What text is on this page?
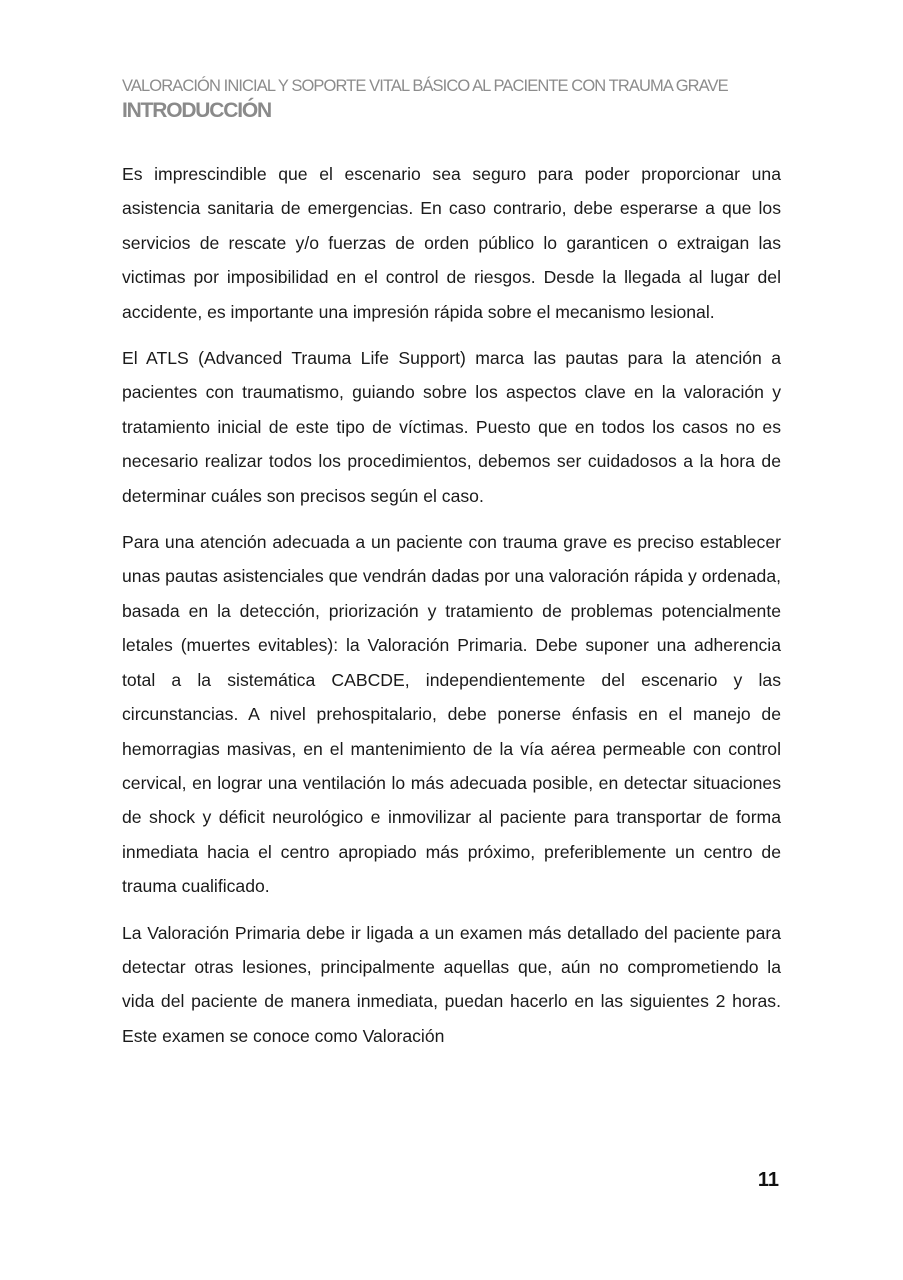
VALORACIÓN INICIAL Y SOPORTE VITAL BÁSICO AL PACIENTE CON TRAUMA GRAVE
INTRODUCCIÓN

Es imprescindible que el escenario sea seguro para poder proporcionar una asistencia sanitaria de emergencias. En caso contrario, debe esperarse a que los servicios de rescate y/o fuerzas de orden público lo garanticen o extraigan las victimas por imposibilidad en el control de riesgos. Desde la llegada al lugar del accidente, es importante una impresión rápida sobre el mecanismo lesional.

El ATLS (Advanced Trauma Life Support) marca las pautas para la atención a pacientes con traumatismo, guiando sobre los aspectos clave en la valoración y tratamiento inicial de este tipo de víctimas. Puesto que en todos los casos no es necesario realizar todos los procedimientos, debemos ser cuidadosos a la hora de determinar cuáles son precisos según el caso.

Para una atención adecuada a un paciente con trauma grave es preciso establecer unas pautas asistenciales que vendrán dadas por una valoración rápida y ordenada, basada en la detección, priorización y tratamiento de problemas potencialmente letales (muertes evitables): la Valoración Primaria. Debe suponer una adherencia total a la sistemática CABCDE, independientemente del escenario y las circunstancias. A nivel prehospitalario, debe ponerse énfasis en el manejo de hemorragias masivas, en el mantenimiento de la vía aérea permeable con control cervical, en lograr una ventilación lo más adecuada posible, en detectar situaciones de shock y déficit neurológico e inmovilizar al paciente para transportar de forma inmediata hacia el centro apropiado más próximo, preferiblemente un centro de trauma cualificado.

La Valoración Primaria debe ir ligada a un examen más detallado del paciente para detectar otras lesiones, principalmente aquellas que, aún no comprometiendo la vida del paciente de manera inmediata, puedan hacerlo en las siguientes 2 horas. Este examen se conoce como Valoración

11
